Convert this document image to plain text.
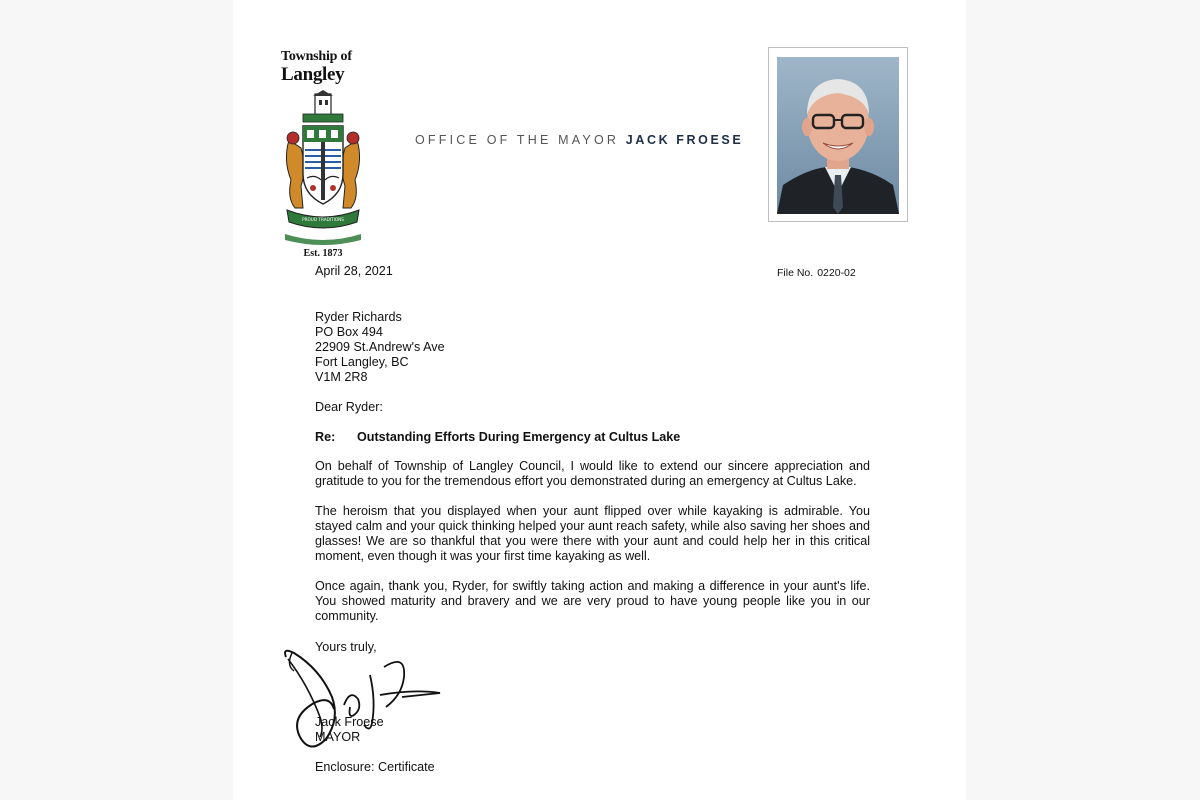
Township of
Langley
PROUD TRADITIONS
Est. 1873
OFFICE OF THE MAYOR JACK FROESE
April 28, 2021	File No. 0220-02
Ryder Richards
PO Box 494
22909 St.Andrew's Ave
Fort Langley, BC
V1M 2R8
Dear Ryder:
Re: Outstanding Efforts During Emergency at Cultus Lake
On behalf of Township of Langley Council, I would like to extend our sincere appreciation and gratitude to you for the tremendous effort you demonstrated during an emergency at Cultus Lake.
The heroism that you displayed when your aunt flipped over while kayaking is admirable. You stayed calm and your quick thinking helped your aunt reach safety, while also saving her shoes and glasses! We are so thankful that you were there with your aunt and could help her in this critical moment, even though it was your first time kayaking as well.
Once again, thank you, Ryder, for swiftly taking action and making a difference in your aunt's life. You showed maturity and bravery and we are very proud to have young people like you in our community.
Yours truly,
Jack Froese
MAYOR
Enclosure: Certificate
